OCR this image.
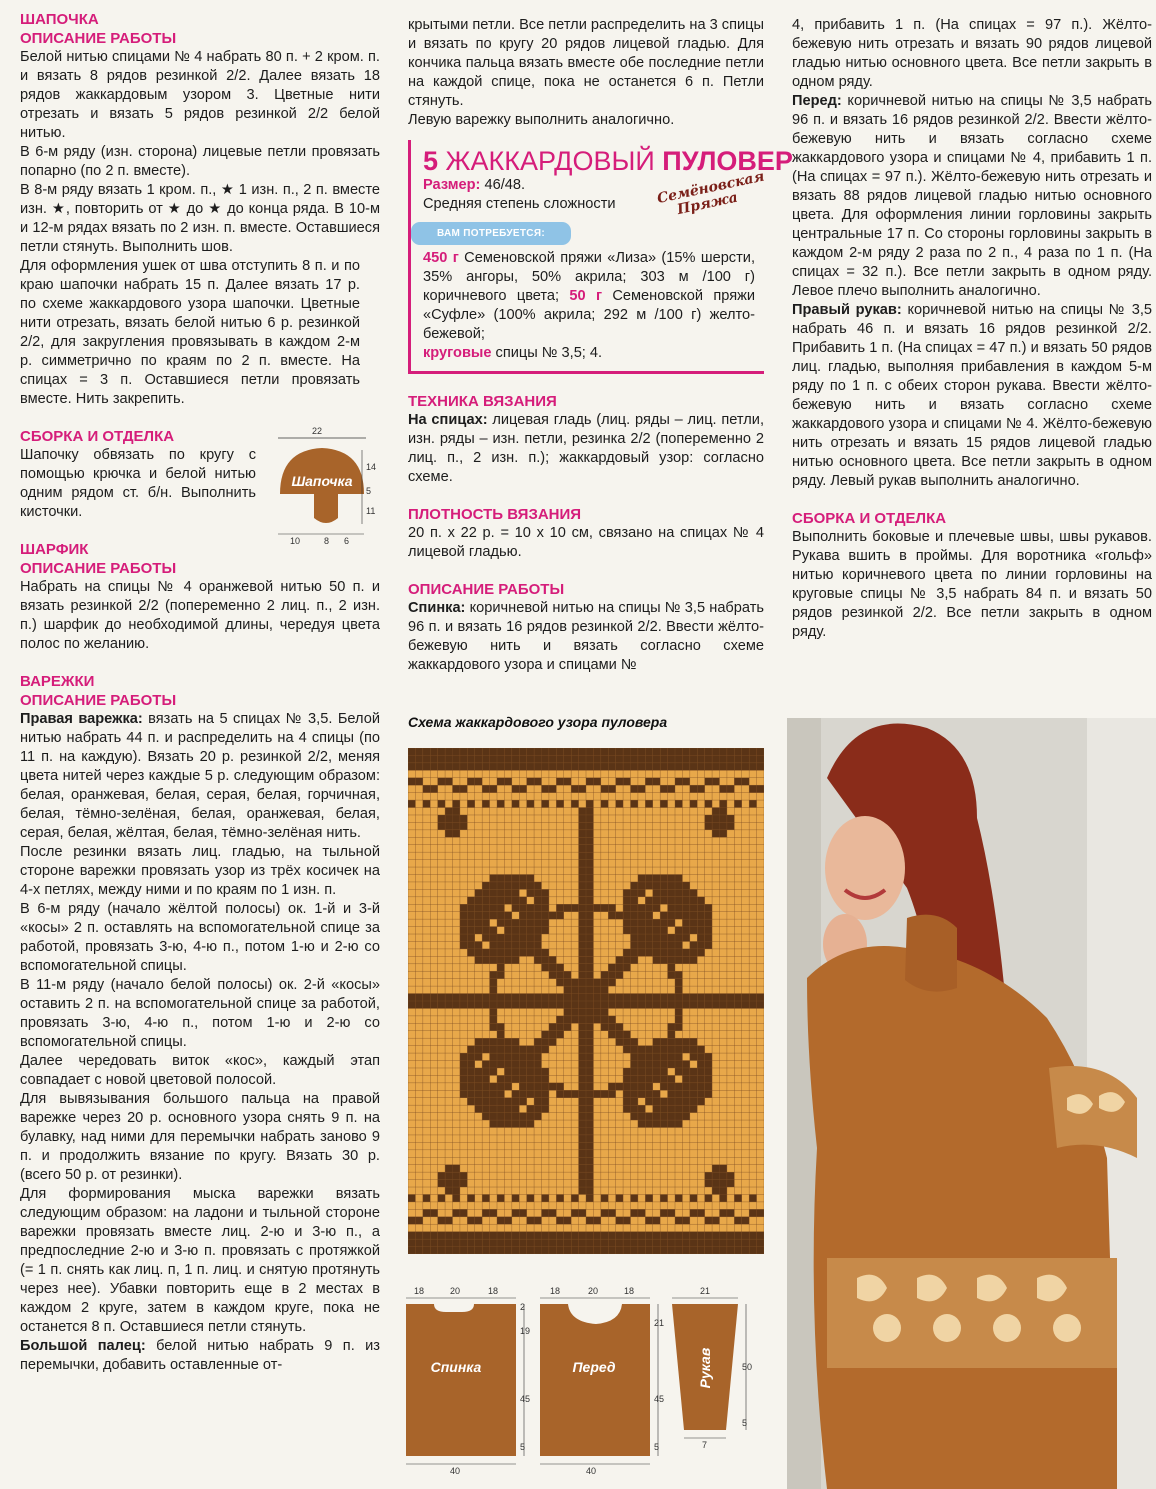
ШАПОЧКА

ОПИСАНИЕ РАБОТЫ

Белой нитью спицами № 4 набрать 80 п. + 2 кром. п. и вязать 8 рядов резинкой 2/2. Далее вязать 18 рядов жаккардовым узором 3. Цветные нити отрезать и вязать 5 рядов резинкой 2/2 белой нитью.

В 6-м ряду (изн. сторона) лицевые петли провязать попарно (по 2 п. вместе).

В 8-м ряду вязать 1 кром. п., ★ 1 изн. п., 2 п. вместе изн. ★, повторить от ★ до ★ до конца ряда. В 10-м и 12-м рядах вязать по 2 изн. п. вместе. Оставшиеся петли стянуть. Выполнить шов.

Для оформления ушек от шва отступить 8 п. и по краю шапочки набрать 15 п. Далее вязать 17 р. по схеме жаккардового узора шапочки. Цветные нити отрезать, вязать белой нитью 6 р. резинкой 2/2, для закругления провязывать в каждом 2-м р. симметрично по краям по 2 п. вместе. На спицах = 3 п. Оставшиеся петли провязать вместе. Нить закрепить.

СБОРКА И ОТДЕЛКА

Шапочку обвязать по кругу с помощью крючка и белой нитью одним рядом ст. б/н. Выполнить кисточки.

ШАРФИК

ОПИСАНИЕ РАБОТЫ

Набрать на спицы № 4 оранжевой нитью 50 п. и вязать резинкой 2/2 (попеременно 2 лиц. п., 2 изн. п.) шарфик до необходимой длины, чередуя цвета полос по желанию.

ВАРЕЖКИ

ОПИСАНИЕ РАБОТЫ

Правая варежка: вязать на 5 спицах № 3,5. Белой нитью набрать 44 п. и распределить на 4 спицы (по 11 п. на каждую). Вязать 20 р. резинкой 2/2, меняя цвета нитей через каждые 5 р. следующим образом: белая, оранжевая, белая, серая, белая, горчичная, белая, тёмно-зелёная, белая, оранжевая, белая, серая, белая, жёлтая, белая, тёмно-зелёная нить.

После резинки вязать лиц. гладью, на тыльной стороне варежки провязать узор из трёх косичек на 4-х петлях, между ними и по краям по 1 изн. п.

В 6-м ряду (начало жёлтой полосы) ок. 1-й и 3-й «косы» 2 п. оставлять на вспомогательной спице за работой, провязать 3-ю, 4-ю п., потом 1-ю и 2-ю со вспомогательной спицы.

В 11-м ряду (начало белой полосы) ок. 2-й «косы» оставить 2 п. на вспомогательной спице за работой, провязать 3-ю, 4-ю п., потом 1-ю и 2-ю со вспомогательной спицы.

Далее чередовать виток «кос», каждый этап совпадает с новой цветовой полосой.

Для вывязывания большого пальца на правой варежке через 20 р. основного узора снять 9 п. на булавку, над ними для перемычки набрать заново 9 п. и продолжить вязание по кругу. Вязать 30 р. (всего 50 р. от резинки).

Для формирования мыска варежки вязать следующим образом: на ладони и тыльной стороне варежки провязать вместе лиц. 2-ю и 3-ю п., а предпоследние 2-ю и 3-ю п. провязать с протяжкой (= 1 п. снять как лиц. п, 1 п. лиц. и снятую протянуть через нее). Убавки повторить еще в 2 местах в каждом 2 круге, затем в каждом круге, пока не останется 8 п. Оставшиеся петли стянуть.

Большой палец: белой нитью набрать 9 п. из перемычки, добавить оставленные от-

Шапочка
22
14
5
11
10	8 6

крытыми петли. Все петли распределить на 3 спицы и вязать по кругу 20 рядов лицевой гладью. Для кончика пальца вязать вместе обе последние петли на каждой спице, пока не останется 6 п. Петли стянуть.

Левую варежку выполнить аналогично.

5 ЖАККАРДОВЫЙ ПУЛОВЕР

Размер: 46/48.

Средняя степень сложности	Семёновская Пряжа
ВАМ ПОТРЕБУЕТСЯ:

450 г Семеновской пряжи «Лиза» (15% шерсти, 35% ангоры, 50% акрила; 303 м /100 г) коричневого цвета; 50 г Семеновской пряжи «Суфле» (100% акрила; 292 м /100 г) желто-бежевой;

круговые спицы № 3,5; 4.

ТЕХНИКА ВЯЗАНИЯ

На спицах: лицевая гладь (лиц. ряды – лиц. петли, изн. ряды – изн. петли, резинка 2/2 (попеременно 2 лиц. п., 2 изн. п.); жаккардовый узор: согласно схеме.

ПЛОТНОСТЬ ВЯЗАНИЯ

20 п. х 22 р. = 10 х 10 см, связано на спицах № 4 лицевой гладью.

ОПИСАНИЕ РАБОТЫ

Спинка: коричневой нитью на спицы № 3,5 набрать 96 п. и вязать 16 рядов резинкой 2/2. Ввести жёлто-бежевую нить и вязать согласно схеме жаккардового узора и спицами №

Схема жаккардового узора пуловера

Спинка
18	20	18
2
19
45
5
40
Перед
18	20	18
21
45
5
40
Рукав
21
50
5
7

4, прибавить 1 п. (На спицах = 97 п.). Жёлто-бежевую нить отрезать и вязать 90 рядов лицевой гладью нитью основного цвета. Все петли закрыть в одном ряду.

Перед: коричневой нитью на спицы № 3,5 набрать 96 п. и вязать 16 рядов резинкой 2/2. Ввести жёлто-бежевую нить и вязать согласно схеме жаккардового узора и спицами № 4, прибавить 1 п. (На спицах = 97 п.). Жёлто-бежевую нить отрезать и вязать 88 рядов лицевой гладью нитью основного цвета. Для оформления линии горловины закрыть центральные 17 п. Со стороны горловины закрыть в каждом 2-м ряду 2 раза по 2 п., 4 раза по 1 п. (На спицах = 32 п.). Все петли закрыть в одном ряду. Левое плечо выполнить аналогично.

Правый рукав: коричневой нитью на спицы № 3,5 набрать 46 п. и вязать 16 рядов резинкой 2/2. Прибавить 1 п. (На спицах = 47 п.) и вязать 50 рядов лиц. гладью, выполняя прибавления в каждом 5-м ряду по 1 п. с обеих сторон рукава. Ввести жёлто-бежевую нить и вязать согласно схеме жаккардового узора и спицами № 4. Жёлто-бежевую нить отрезать и вязать 15 рядов лицевой гладью нитью основного цвета. Все петли закрыть в одном ряду. Левый рукав выполнить аналогично.

СБОРКА И ОТДЕЛКА

Выполнить боковые и плечевые швы, швы рукавов. Рукава вшить в проймы. Для воротника «гольф» нитью коричневого цвета по линии горловины на круговые спицы № 3,5 набрать 84 п. и вязать 50 рядов резинкой 2/2. Все петли закрыть в одном ряду.
